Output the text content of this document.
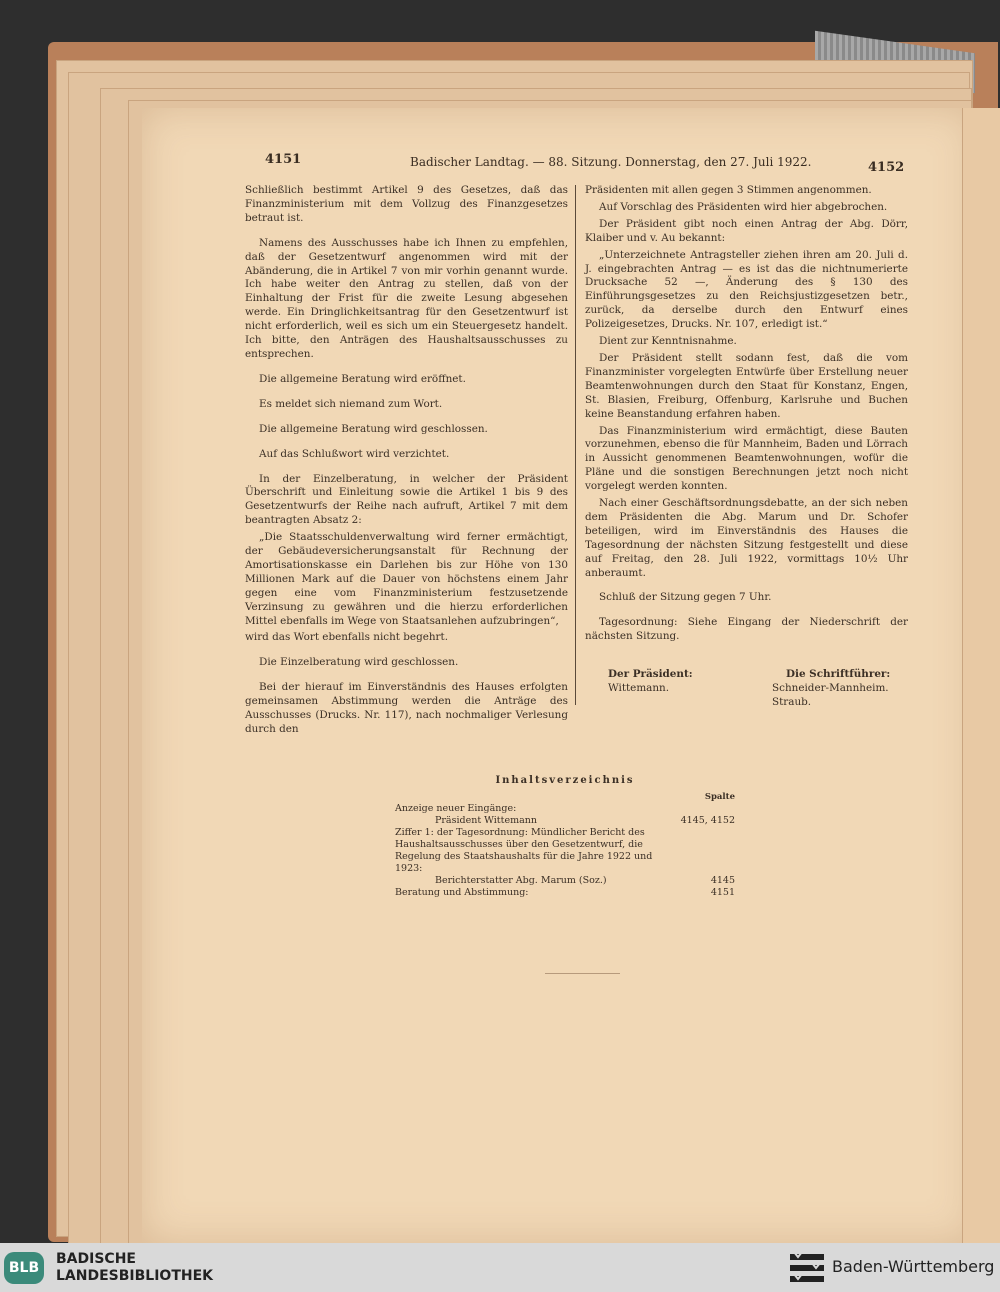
4151	Badischer Landtag. — 88. Sitzung. Donnerstag, den 27. Juli 1922.	4152

Schließlich bestimmt Artikel 9 des Gesetzes, daß das Finanzministerium mit dem Vollzug des Finanzgesetzes betraut ist.

Namens des Ausschusses habe ich Ihnen zu empfehlen, daß der Gesetzentwurf angenommen wird mit der Abänderung, die in Artikel 7 von mir vorhin genannt wurde. Ich habe weiter den Antrag zu stellen, daß von der Einhaltung der Frist für die zweite Lesung abgesehen werde. Ein Dringlichkeitsantrag für den Gesetzentwurf ist nicht erforderlich, weil es sich um ein Steuergesetz handelt. Ich bitte, den Anträgen des Haushaltsausschusses zu entsprechen.

Die allgemeine Beratung wird eröffnet.

Es meldet sich niemand zum Wort.

Die allgemeine Beratung wird geschlossen.

Auf das Schlußwort wird verzichtet.

In der Einzelberatung, in welcher der Präsident Überschrift und Einleitung sowie die Artikel 1 bis 9 des Gesetzentwurfs der Reihe nach aufruft, Artikel 7 mit dem beantragten Absatz 2:

„Die Staatsschuldenverwaltung wird ferner ermächtigt, der Gebäudeversicherungsanstalt für Rechnung der Amortisationskasse ein Darlehen bis zur Höhe von 130 Millionen Mark auf die Dauer von höchstens einem Jahr gegen eine vom Finanzministerium festzusetzende Verzinsung zu gewähren und die hierzu erforderlichen Mittel ebenfalls im Wege von Staatsanlehen aufzubringen“,

wird das Wort ebenfalls nicht begehrt.

Die Einzelberatung wird geschlossen.

Bei der hierauf im Einverständnis des Hauses erfolgten gemeinsamen Abstimmung werden die Anträge des Ausschusses (Drucks. Nr. 117), nach nochmaliger Verlesung durch den

Präsidenten mit allen gegen 3 Stimmen angenommen.

Auf Vorschlag des Präsidenten wird hier abgebrochen.

Der Präsident gibt noch einen Antrag der Abg. Dörr, Klaiber und v. Au bekannt:

„Unterzeichnete Antragsteller ziehen ihren am 20. Juli d. J. eingebrachten Antrag — es ist das die nichtnumerierte Drucksache 52 —, Änderung des § 130 des Einführungsgesetzes zu den Reichsjustizgesetzen betr., zurück, da derselbe durch den Entwurf eines Polizeigesetzes, Drucks. Nr. 107, erledigt ist.“

Dient zur Kenntnisnahme.

Der Präsident stellt sodann fest, daß die vom Finanzminister vorgelegten Entwürfe über Erstellung neuer Beamtenwohnungen durch den Staat für Konstanz, Engen, St. Blasien, Freiburg, Offenburg, Karlsruhe und Buchen keine Beanstandung erfahren haben.

Das Finanzministerium wird ermächtigt, diese Bauten vorzunehmen, ebenso die für Mannheim, Baden und Lörrach in Aussicht genommenen Beamtenwohnungen, wofür die Pläne und die sonstigen Berechnungen jetzt noch nicht vorgelegt werden konnten.

Nach einer Geschäftsordnungsdebatte, an der sich neben dem Präsidenten die Abg. Marum und Dr. Schofer beteiligen, wird im Einverständnis des Hauses die Tagesordnung der nächsten Sitzung festgestellt und diese auf Freitag, den 28. Juli 1922, vormittags 10½ Uhr anberaumt.

Schluß der Sitzung gegen 7 Uhr.

Tagesordnung: Siehe Eingang der Niederschrift der nächsten Sitzung.

Der Präsident:
Wittemann.
Die Schriftführer:
Schneider-Mannheim.
Straub.
Inhaltsverzeichnis
Spalte
Anzeige neuer Eingänge:
Präsident Wittemann	4145, 4152
Ziffer 1: der Tagesordnung: Mündlicher Bericht des Haushaltsausschusses über den Gesetzentwurf, die Regelung des Staatshaushalts für die Jahre 1922 und 1923:
Berichterstatter Abg. Marum (Soz.)	4145
Beratung und Abstimmung:	4151
BLB
BADISCHE
LANDESBIBLIOTHEK	Baden-Württemberg
